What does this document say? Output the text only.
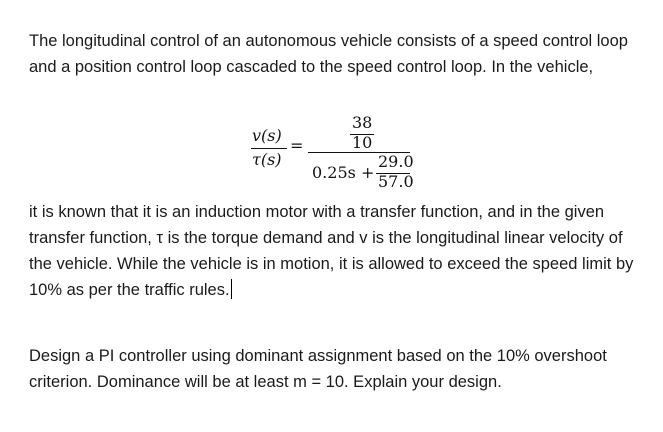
The longitudinal control of an autonomous vehicle consists of a speed control loop and a position control loop cascaded to the speed control loop. In the vehicle,

v(s)
τ(s)
=
38
10
0.25s +
29.0
57.0

it is known that it is an induction motor with a transfer function, and in the given transfer function, τ is the torque demand and v is the longitudinal linear velocity of the vehicle. While the vehicle is in motion, it is allowed to exceed the speed limit by 10% as per the traffic rules.

Design a PI controller using dominant assignment based on the 10% overshoot criterion. Dominance will be at least m = 10. Explain your design.
